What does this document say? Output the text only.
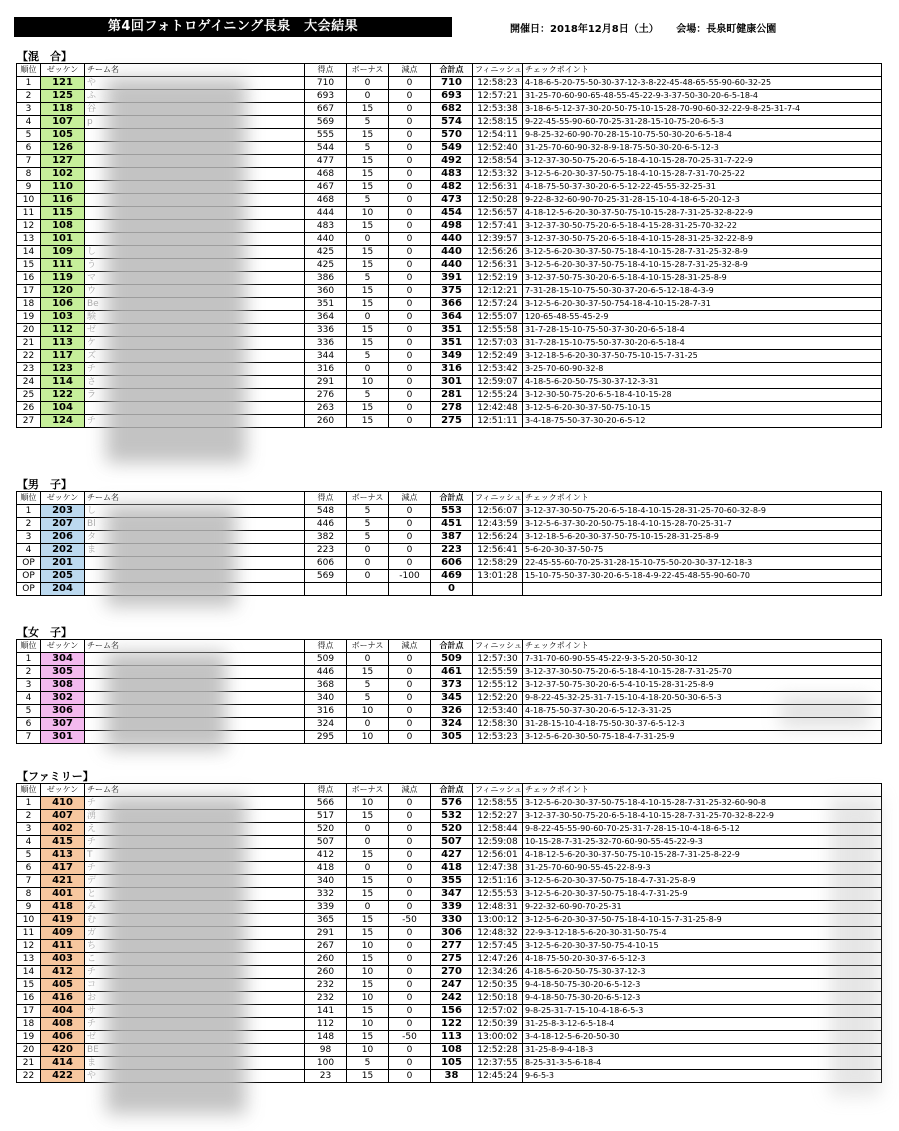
第4回フォトロゲイニング長泉　大会結果	開催日：2018年12月8日（土） 会場：長泉町健康公園
【混　合】
順位	ゼッケン	チーム名	得点	ボーナス	減点	合計点	フィニッシュ	チェックポイント
1	121	や	710	0	0	710	12:58:23	4-18-6-5-20-75-50-30-37-12-3-8-22-45-48-65-55-90-60-32-25
2	125	ふ	693	0	0	693	12:57:21	31-25-70-60-90-65-48-55-45-22-9-3-37-50-30-20-6-5-18-4
3	118	谷	667	15	0	682	12:53:38	3-18-6-5-12-37-30-20-50-75-10-15-28-70-90-60-32-22-9-8-25-31-7-4
4	107	p	569	5	0	574	12:58:15	9-22-45-55-90-60-70-25-31-28-15-10-75-20-6-5-3
5	105		555	15	0	570	12:54:11	9-8-25-32-60-90-70-28-15-10-75-50-30-20-6-5-18-4
6	126		544	5	0	549	12:52:40	31-25-70-60-90-32-8-9-18-75-50-30-20-6-5-12-3
7	127		477	15	0	492	12:58:54	3-12-37-30-50-75-20-6-5-18-4-10-15-28-70-25-31-7-22-9
8	102		468	15	0	483	12:53:32	3-12-5-6-20-30-37-50-75-18-4-10-15-28-7-31-70-25-22
9	110		467	15	0	482	12:56:31	4-18-75-50-37-30-20-6-5-12-22-45-55-32-25-31
10	116		468	5	0	473	12:50:28	9-22-8-32-60-90-70-25-31-28-15-10-4-18-6-5-20-12-3
11	115		444	10	0	454	12:56:57	4-18-12-5-6-20-30-37-50-75-10-15-28-7-31-25-32-8-22-9
12	108		483	15	0	498	12:57:41	3-12-37-30-50-75-20-6-5-18-4-15-28-31-25-70-32-22
13	101		440	0	0	440	12:39:57	3-12-37-30-50-75-20-6-5-18-4-10-15-28-31-25-32-22-8-9
14	109	し	425	15	0	440	12:56:26	3-12-5-6-20-30-37-50-75-18-4-10-15-28-7-31-25-32-8-9
15	111	う	425	15	0	440	12:56:31	3-12-5-6-20-30-37-50-75-18-4-10-15-28-7-31-25-32-8-9
16	119	マ	386	5	0	391	12:52:19	3-12-37-50-75-30-20-6-5-18-4-10-15-28-31-25-8-9
17	120	ウ	360	15	0	375	12:12:21	7-31-28-15-10-75-50-30-37-20-6-5-12-18-4-3-9
18	106	Be	351	15	0	366	12:57:24	3-12-5-6-20-30-37-50-754-18-4-10-15-28-7-31
19	103	験	364	0	0	364	12:55:07	120-65-48-55-45-2-9
20	112	ゼ	336	15	0	351	12:55:58	31-7-28-15-10-75-50-37-30-20-6-5-18-4
21	113	ケ	336	15	0	351	12:57:03	31-7-28-15-10-75-50-37-30-20-6-5-18-4
22	117	ズ	344	5	0	349	12:52:49	3-12-18-5-6-20-30-37-50-75-10-15-7-31-25
23	123	チ	316	0	0	316	12:53:42	3-25-70-60-90-32-8
24	114	さ	291	10	0	301	12:59:07	4-18-5-6-20-50-75-30-37-12-3-31
25	122	ラ	276	5	0	281	12:55:24	3-12-30-50-75-20-6-5-18-4-10-15-28
26	104		263	15	0	278	12:42:48	3-12-5-6-20-30-37-50-75-10-15
27	124	チ	260	15	0	275	12:51:11	3-4-18-75-50-37-30-20-6-5-12
【男　子】
順位	ゼッケン	チーム名	得点	ボーナス	減点	合計点	フィニッシュ	チェックポイント
1	203	し	548	5	0	553	12:56:07	3-12-37-30-50-75-20-6-5-18-4-10-15-28-31-25-70-60-32-8-9
2	207	Bl	446	5	0	451	12:43:59	3-12-5-6-37-30-20-50-75-18-4-10-15-28-70-25-31-7
3	206	タ	382	5	0	387	12:56:24	3-12-18-5-6-20-30-37-50-75-10-15-28-31-25-8-9
4	202	ま	223	0	0	223	12:56:41	5-6-20-30-37-50-75
OP	201		606	0	0	606	12:58:29	22-45-55-60-70-25-31-28-15-10-75-50-20-30-37-12-18-3
OP	205		569	0	-100	469	13:01:28	15-10-75-50-37-30-20-6-5-18-4-9-22-45-48-55-90-60-70
OP	204					0		
【女　子】
順位	ゼッケン	チーム名	得点	ボーナス	減点	合計点	フィニッシュ	チェックポイント
1	304		509	0	0	509	12:57:30	7-31-70-60-90-55-45-22-9-3-5-20-50-30-12
2	305		446	15	0	461	12:55:59	3-12-37-30-50-75-20-6-5-18-4-10-15-28-7-31-25-70
3	308		368	5	0	373	12:55:12	3-12-37-50-75-30-20-6-5-4-10-15-28-31-25-8-9
4	302		340	5	0	345	12:52:20	9-8-22-45-32-25-31-7-15-10-4-18-20-50-30-6-5-3
5	306		316	10	0	326	12:53:40	4-18-75-50-37-30-20-6-5-12-3-31-25
6	307		324	0	0	324	12:58:30	31-28-15-10-4-18-75-50-30-37-6-5-12-3
7	301		295	10	0	305	12:53:23	3-12-5-6-20-30-50-75-18-4-7-31-25-9
【ファミリー】
順位	ゼッケン	チーム名	得点	ボーナス	減点	合計点	フィニッシュ	チェックポイント
1	410	チ	566	10	0	576	12:58:55	3-12-5-6-20-30-37-50-75-18-4-10-15-28-7-31-25-32-60-90-8
2	407	湧	517	15	0	532	12:52:27	3-12-37-30-50-75-20-6-5-18-4-10-15-28-7-31-25-70-32-8-22-9
3	402	え	520	0	0	520	12:58:44	9-8-22-45-55-90-60-70-25-31-7-28-15-10-4-18-6-5-12
4	415	チ	507	0	0	507	12:59:08	10-15-28-7-31-25-32-70-60-90-55-45-22-9-3
5	413	T	412	15	0	427	12:56:01	4-18-12-5-6-20-30-37-50-75-10-15-28-7-31-25-8-22-9
6	417	チ	418	0	0	418	12:47:38	31-25-70-60-90-55-45-22-8-9-3
7	421	デ	340	15	0	355	12:51:16	3-12-5-6-20-30-37-50-75-18-4-7-31-25-8-9
8	401	と	332	15	0	347	12:55:53	3-12-5-6-20-30-37-50-75-18-4-7-31-25-9
9	418	み	339	0	0	339	12:48:31	9-22-32-60-90-70-25-31
10	419	む	365	15	-50	330	13:00:12	3-12-5-6-20-30-37-50-75-18-4-10-15-7-31-25-8-9
11	409	ガ	291	15	0	306	12:48:32	22-9-3-12-18-5-6-20-30-31-50-75-4
12	411	ち	267	10	0	277	12:57:45	3-12-5-6-20-30-37-50-75-4-10-15
13	403	こ	260	15	0	275	12:47:26	4-18-75-50-20-30-37-6-5-12-3
14	412	チ	260	10	0	270	12:34:26	4-18-5-6-20-50-75-30-37-12-3
15	405	コ	232	15	0	247	12:50:35	9-4-18-50-75-30-20-6-5-12-3
16	416	お	232	10	0	242	12:50:18	9-4-18-50-75-30-20-6-5-12-3
17	404	サ	141	15	0	156	12:57:02	9-8-25-31-7-15-10-4-18-6-5-3
18	408	チ	112	10	0	122	12:50:39	31-25-8-3-12-6-5-18-4
19	406	ゼ	148	15	-50	113	13:00:02	3-4-18-12-5-6-20-50-30
20	420	BE	98	10	0	108	12:52:28	31-25-8-9-4-18-3
21	414	ま	100	5	0	105	12:37:55	8-25-31-3-5-6-18-4
22	422	や	23	15	0	38	12:45:24	9-6-5-3
